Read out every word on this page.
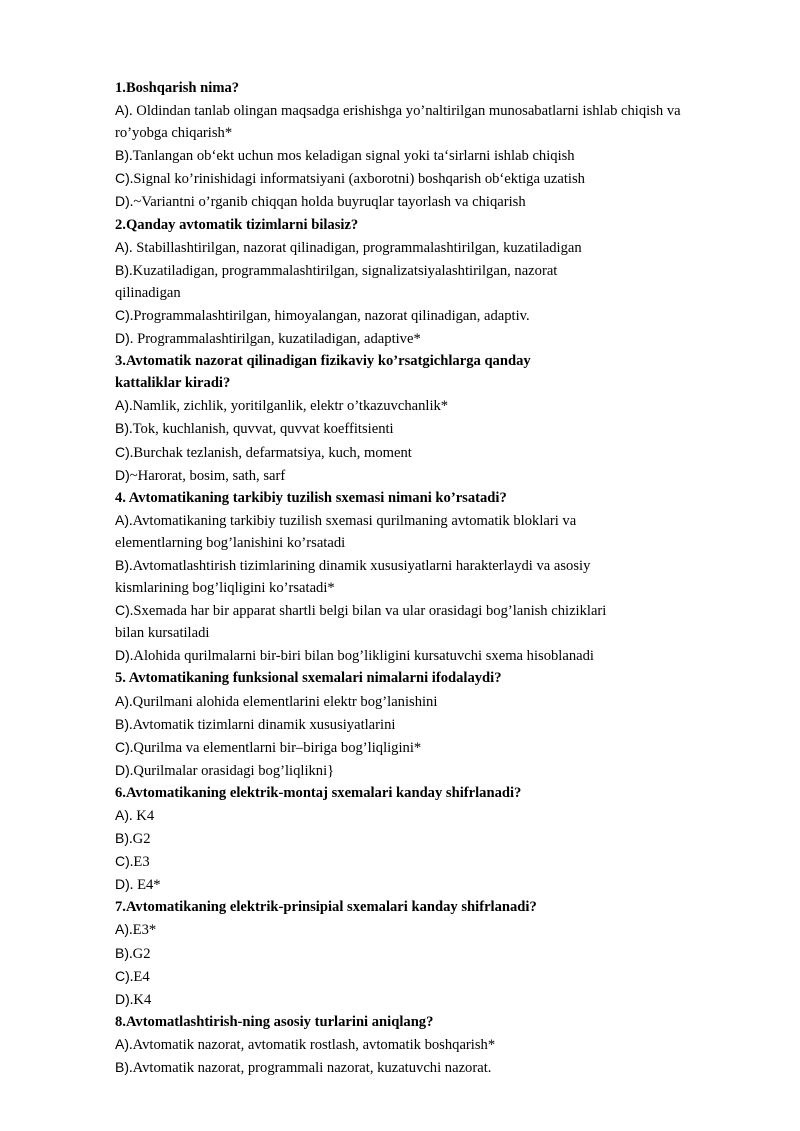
1.Boshqarish nima?
A). Oldindan tanlab olingan maqsadga erishishga yo’naltirilgan munosabatlarni ishlab chiqish va
ro’yobga chiqarish*
B).Tanlangan ob‘ekt uchun mos keladigan signal yoki ta‘sirlarni ishlab chiqish
C).Signal ko’rinishidagi informatsiyani (axborotni) boshqarish ob‘ektiga uzatish
D).~Variantni o’rganib chiqqan holda buyruqlar tayorlash va chiqarish
2.Qanday avtomatik tizimlarni bilasiz?
A). Stabillashtirilgan, nazorat qilinadigan, programmalashtirilgan, kuzatiladigan
B).Kuzatiladigan, programmalashtirilgan, signalizatsiyalashtirilgan, nazorat
qilinadigan
C).Programmalashtirilgan, himoyalangan, nazorat qilinadigan, adaptiv.
D). Programmalashtirilgan, kuzatiladigan, adaptive*
3.Avtomatik nazorat qilinadigan fizikaviy ko’rsatgichlarga qanday
kattaliklar kiradi?
A).Namlik, zichlik, yoritilganlik, elektr o’tkazuvchanlik*
B).Tok, kuchlanish, quvvat, quvvat koeffitsienti
C).Burchak tezlanish, defarmatsiya, kuch, moment
D)~Harorat, bosim, sath, sarf
4. Avtomatikaning tarkibiy tuzilish sxemasi nimani ko’rsatadi?
A).Avtomatikaning tarkibiy tuzilish sxemasi qurilmaning avtomatik bloklari va
elementlarning bog’lanishini ko’rsatadi
B).Avtomatlashtirish tizimlarining dinamik xususiyatlarni harakterlaydi va asosiy
kismlarining bog’liqligini ko’rsatadi*
C).Sxemada har bir apparat shartli belgi bilan va ular orasidagi bog’lanish chiziklari
bilan kursatiladi
D).Alohida qurilmalarni bir-biri bilan bog’likligini kursatuvchi sxema hisoblanadi
5. Avtomatikaning funksional sxemalari nimalarni ifodalaydi?
A).Qurilmani alohida elementlarini elektr bog’lanishini
B).Avtomatik tizimlarni dinamik xususiyatlarini
C).Qurilma va elementlarni bir–biriga bog’liqligini*
D).Qurilmalar orasidagi bog’liqlikni}
6.Avtomatikaning elektrik-montaj sxemalari kanday shifrlanadi?
A). K4
B).G2
C).E3
D). E4*
7.Avtomatikaning elektrik-prinsipial sxemalari kanday shifrlanadi?
A).E3*
B).G2
C).E4
D).K4
8.Avtomatlashtirish-ning asosiy turlarini aniqlang?
A).Avtomatik nazorat, avtomatik rostlash, avtomatik boshqarish*
B).Avtomatik nazorat, programmali nazorat, kuzatuvchi nazorat.
